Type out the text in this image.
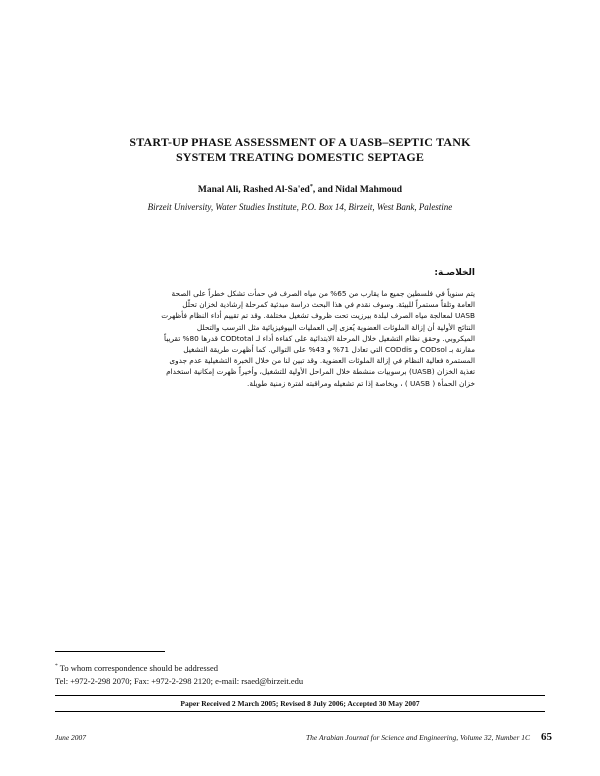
START-UP PHASE ASSESSMENT OF A UASB–SEPTIC TANK
SYSTEM TREATING DOMESTIC SEPTAGE
Manal Ali, Rashed Al-Sa'ed*, and Nidal Mahmoud
Birzeit University, Water Studies Institute, P.O. Box 14, Birzeit, West Bank, Palestine
الخلاصـة:
يتم سنوياً في فلسطين جميع ما يقارب من 65% من مياه الصرف في حمأت تشكل خطراً على الصحة
العامة وتلقاً مستمراً للبيئة. وسوف نقدم في هذا البحث دراسة مبدئية كمرحلة إرشادية لخزان تحلّل
UASB لمعالجة مياه الصرف لبلدة بيرزيت تحت ظروف تشغيل مختلفة. وقد تم تقييم أداء النظام فأظهرت
النتائج الأولية أن إزالة الملوثات العضوية يُعزى إلى العمليات البيوفيزيائية مثل الترسب والتحلل
الميكروبي. وحقق نظام التشغيل خلال المرحلة الابتدائية على كفاءة أداء لـ CODtotal قدرها 80% تقريباً
مقارنة بـ CODsol و CODdis التي تعادل 71% و 43% على التوالي. كما أظهرت طريقة التشغيل
المستمرة فعالية النظام في إزالة الملوثات العضوية. وقد تبين لنا من خلال الخبرة التشغيلية عدم جدوى
تغذية الخزان (UASB) برسوبيات منشطة خلال المراحل الأولية للتشغيل، وأخيراً ظهرت إمكانية استخدام
خزان الحمأة ( UASB ) ، وبخاصة إذا تم تشغيله ومراقبته لفترة زمنية طويلة.
* To whom correspondence should be addressed
Tel: +972-2-298 2070; Fax: +972-2-298 2120; e-mail: rsaed@birzeit.edu
Paper Received 2 March 2005; Revised 8 July 2006; Accepted 30 May 2007
June 2007	The Arabian Journal for Science and Engineering, Volume 32, Number 1C 65
